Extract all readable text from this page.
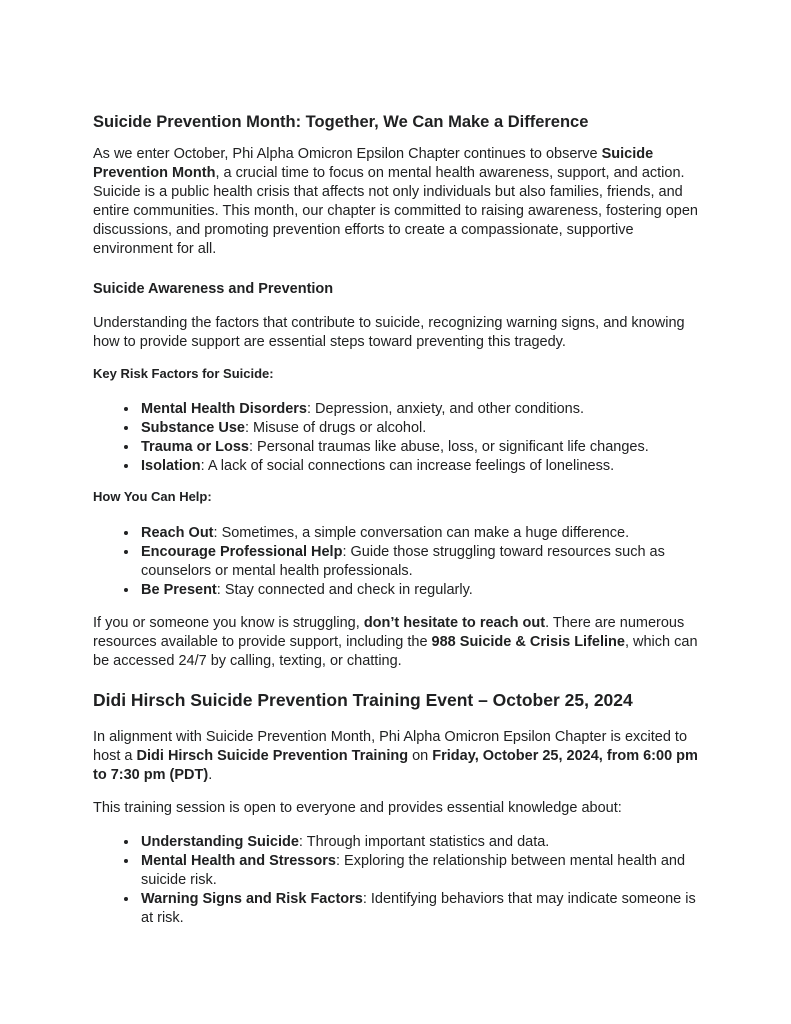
Suicide Prevention Month: Together, We Can Make a Difference

As we enter October, Phi Alpha Omicron Epsilon Chapter continues to observe Suicide Prevention Month, a crucial time to focus on mental health awareness, support, and action. Suicide is a public health crisis that affects not only individuals but also families, friends, and entire communities. This month, our chapter is committed to raising awareness, fostering open discussions, and promoting prevention efforts to create a compassionate, supportive environment for all.

Suicide Awareness and Prevention

Understanding the factors that contribute to suicide, recognizing warning signs, and knowing how to provide support are essential steps toward preventing this tragedy.

Key Risk Factors for Suicide:
• Mental Health Disorders: Depression, anxiety, and other conditions.
• Substance Use: Misuse of drugs or alcohol.
• Trauma or Loss: Personal traumas like abuse, loss, or significant life changes.
• Isolation: A lack of social connections can increase feelings of loneliness.
How You Can Help:
• Reach Out: Sometimes, a simple conversation can make a huge difference.
• Encourage Professional Help: Guide those struggling toward resources such as counselors or mental health professionals.
• Be Present: Stay connected and check in regularly.

If you or someone you know is struggling, don’t hesitate to reach out. There are numerous resources available to provide support, including the 988 Suicide & Crisis Lifeline, which can be accessed 24/7 by calling, texting, or chatting.

Didi Hirsch Suicide Prevention Training Event – October 25, 2024

In alignment with Suicide Prevention Month, Phi Alpha Omicron Epsilon Chapter is excited to host a Didi Hirsch Suicide Prevention Training on Friday, October 25, 2024, from 6:00 pm to 7:30 pm (PDT).

This training session is open to everyone and provides essential knowledge about:

• Understanding Suicide: Through important statistics and data.
• Mental Health and Stressors: Exploring the relationship between mental health and suicide risk.
• Warning Signs and Risk Factors: Identifying behaviors that may indicate someone is at risk.
